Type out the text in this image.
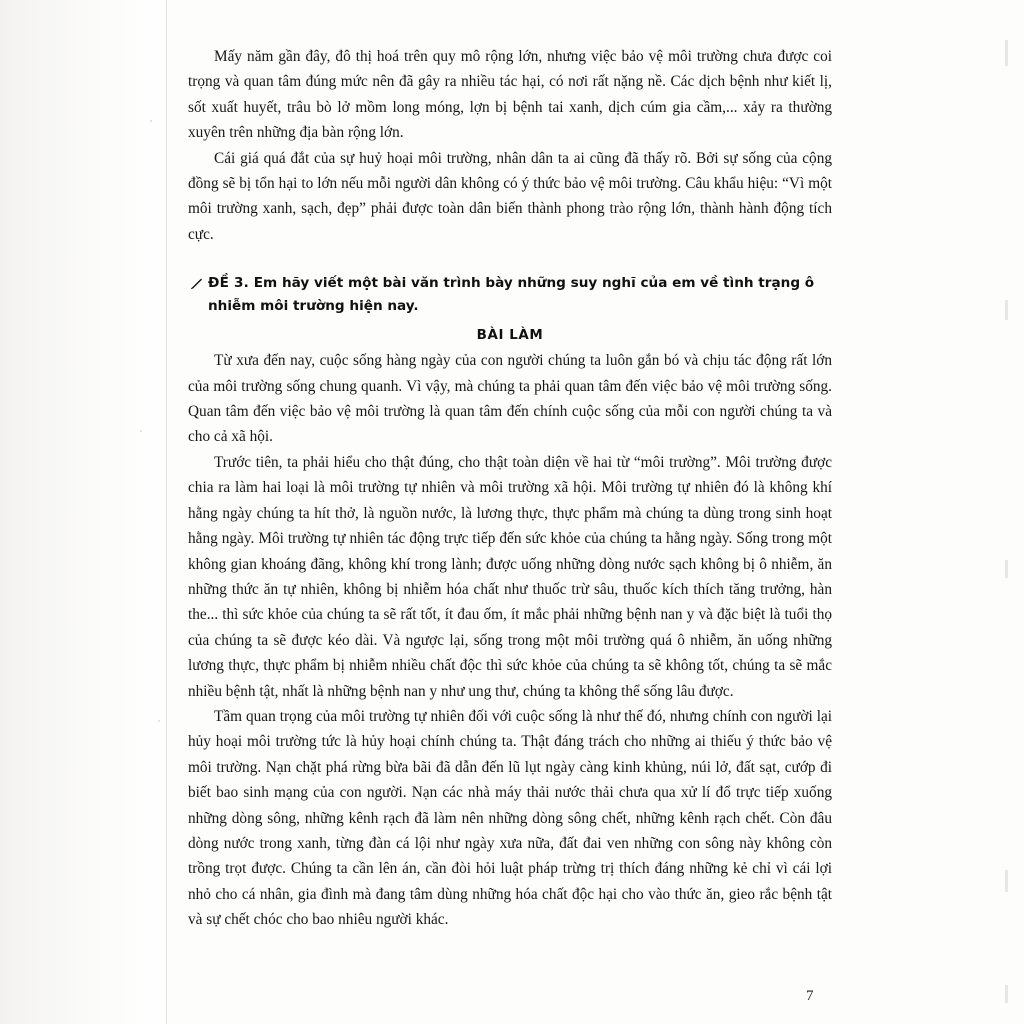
Mấy năm gần đây, đô thị hoá trên quy mô rộng lớn, nhưng việc bảo vệ môi trường chưa được coi trọng và quan tâm đúng mức nên đã gây ra nhiều tác hại, có nơi rất nặng nề. Các dịch bệnh như kiết lị, sốt xuất huyết, trâu bò lở mồm long móng, lợn bị bệnh tai xanh, dịch cúm gia cầm,... xảy ra thường xuyên trên những địa bàn rộng lớn.

Cái giá quá đắt của sự huỷ hoại môi trường, nhân dân ta ai cũng đã thấy rõ. Bởi sự sống của cộng đồng sẽ bị tổn hại to lớn nếu mỗi người dân không có ý thức bảo vệ môi trường. Câu khẩu hiệu: “Vì một môi trường xanh, sạch, đẹp” phải được toàn dân biến thành phong trào rộng lớn, thành hành động tích cực.

ĐỀ 3. Em hãy viết một bài văn trình bày những suy nghĩ của em về tình trạng ô nhiễm môi trường hiện nay.
BÀI LÀM

Từ xưa đến nay, cuộc sống hàng ngày của con người chúng ta luôn gắn bó và chịu tác động rất lớn của môi trường sống chung quanh. Vì vậy, mà chúng ta phải quan tâm đến việc bảo vệ môi trường sống. Quan tâm đến việc bảo vệ môi trường là quan tâm đến chính cuộc sống của mỗi con người chúng ta và cho cả xã hội.

Trước tiên, ta phải hiểu cho thật đúng, cho thật toàn diện về hai từ “môi trường”. Môi trường được chia ra làm hai loại là môi trường tự nhiên và môi trường xã hội. Môi trường tự nhiên đó là không khí hằng ngày chúng ta hít thở, là nguồn nước, là lương thực, thực phẩm mà chúng ta dùng trong sinh hoạt hằng ngày. Môi trường tự nhiên tác động trực tiếp đến sức khỏe của chúng ta hằng ngày. Sống trong một không gian khoáng đãng, không khí trong lành; được uống những dòng nước sạch không bị ô nhiễm, ăn những thức ăn tự nhiên, không bị nhiễm hóa chất như thuốc trừ sâu, thuốc kích thích tăng trưởng, hàn the... thì sức khỏe của chúng ta sẽ rất tốt, ít đau ốm, ít mắc phải những bệnh nan y và đặc biệt là tuổi thọ của chúng ta sẽ được kéo dài. Và ngược lại, sống trong một môi trường quá ô nhiễm, ăn uống những lương thực, thực phẩm bị nhiễm nhiều chất độc thì sức khỏe của chúng ta sẽ không tốt, chúng ta sẽ mắc nhiều bệnh tật, nhất là những bệnh nan y như ung thư, chúng ta không thể sống lâu được.

Tầm quan trọng của môi trường tự nhiên đối với cuộc sống là như thế đó, nhưng chính con người lại hủy hoại môi trường tức là hủy hoại chính chúng ta. Thật đáng trách cho những ai thiếu ý thức bảo vệ môi trường. Nạn chặt phá rừng bừa bãi đã dẫn đến lũ lụt ngày càng kinh khủng, núi lở, đất sạt, cướp đi biết bao sinh mạng của con người. Nạn các nhà máy thải nước thải chưa qua xử lí đổ trực tiếp xuống những dòng sông, những kênh rạch đã làm nên những dòng sông chết, những kênh rạch chết. Còn đâu dòng nước trong xanh, từng đàn cá lội như ngày xưa nữa, đất đai ven những con sông này không còn trồng trọt được. Chúng ta cần lên án, cần đòi hỏi luật pháp trừng trị thích đáng những kẻ chỉ vì cái lợi nhỏ cho cá nhân, gia đình mà đang tâm dùng những hóa chất độc hại cho vào thức ăn, gieo rắc bệnh tật và sự chết chóc cho bao nhiêu người khác.

7
